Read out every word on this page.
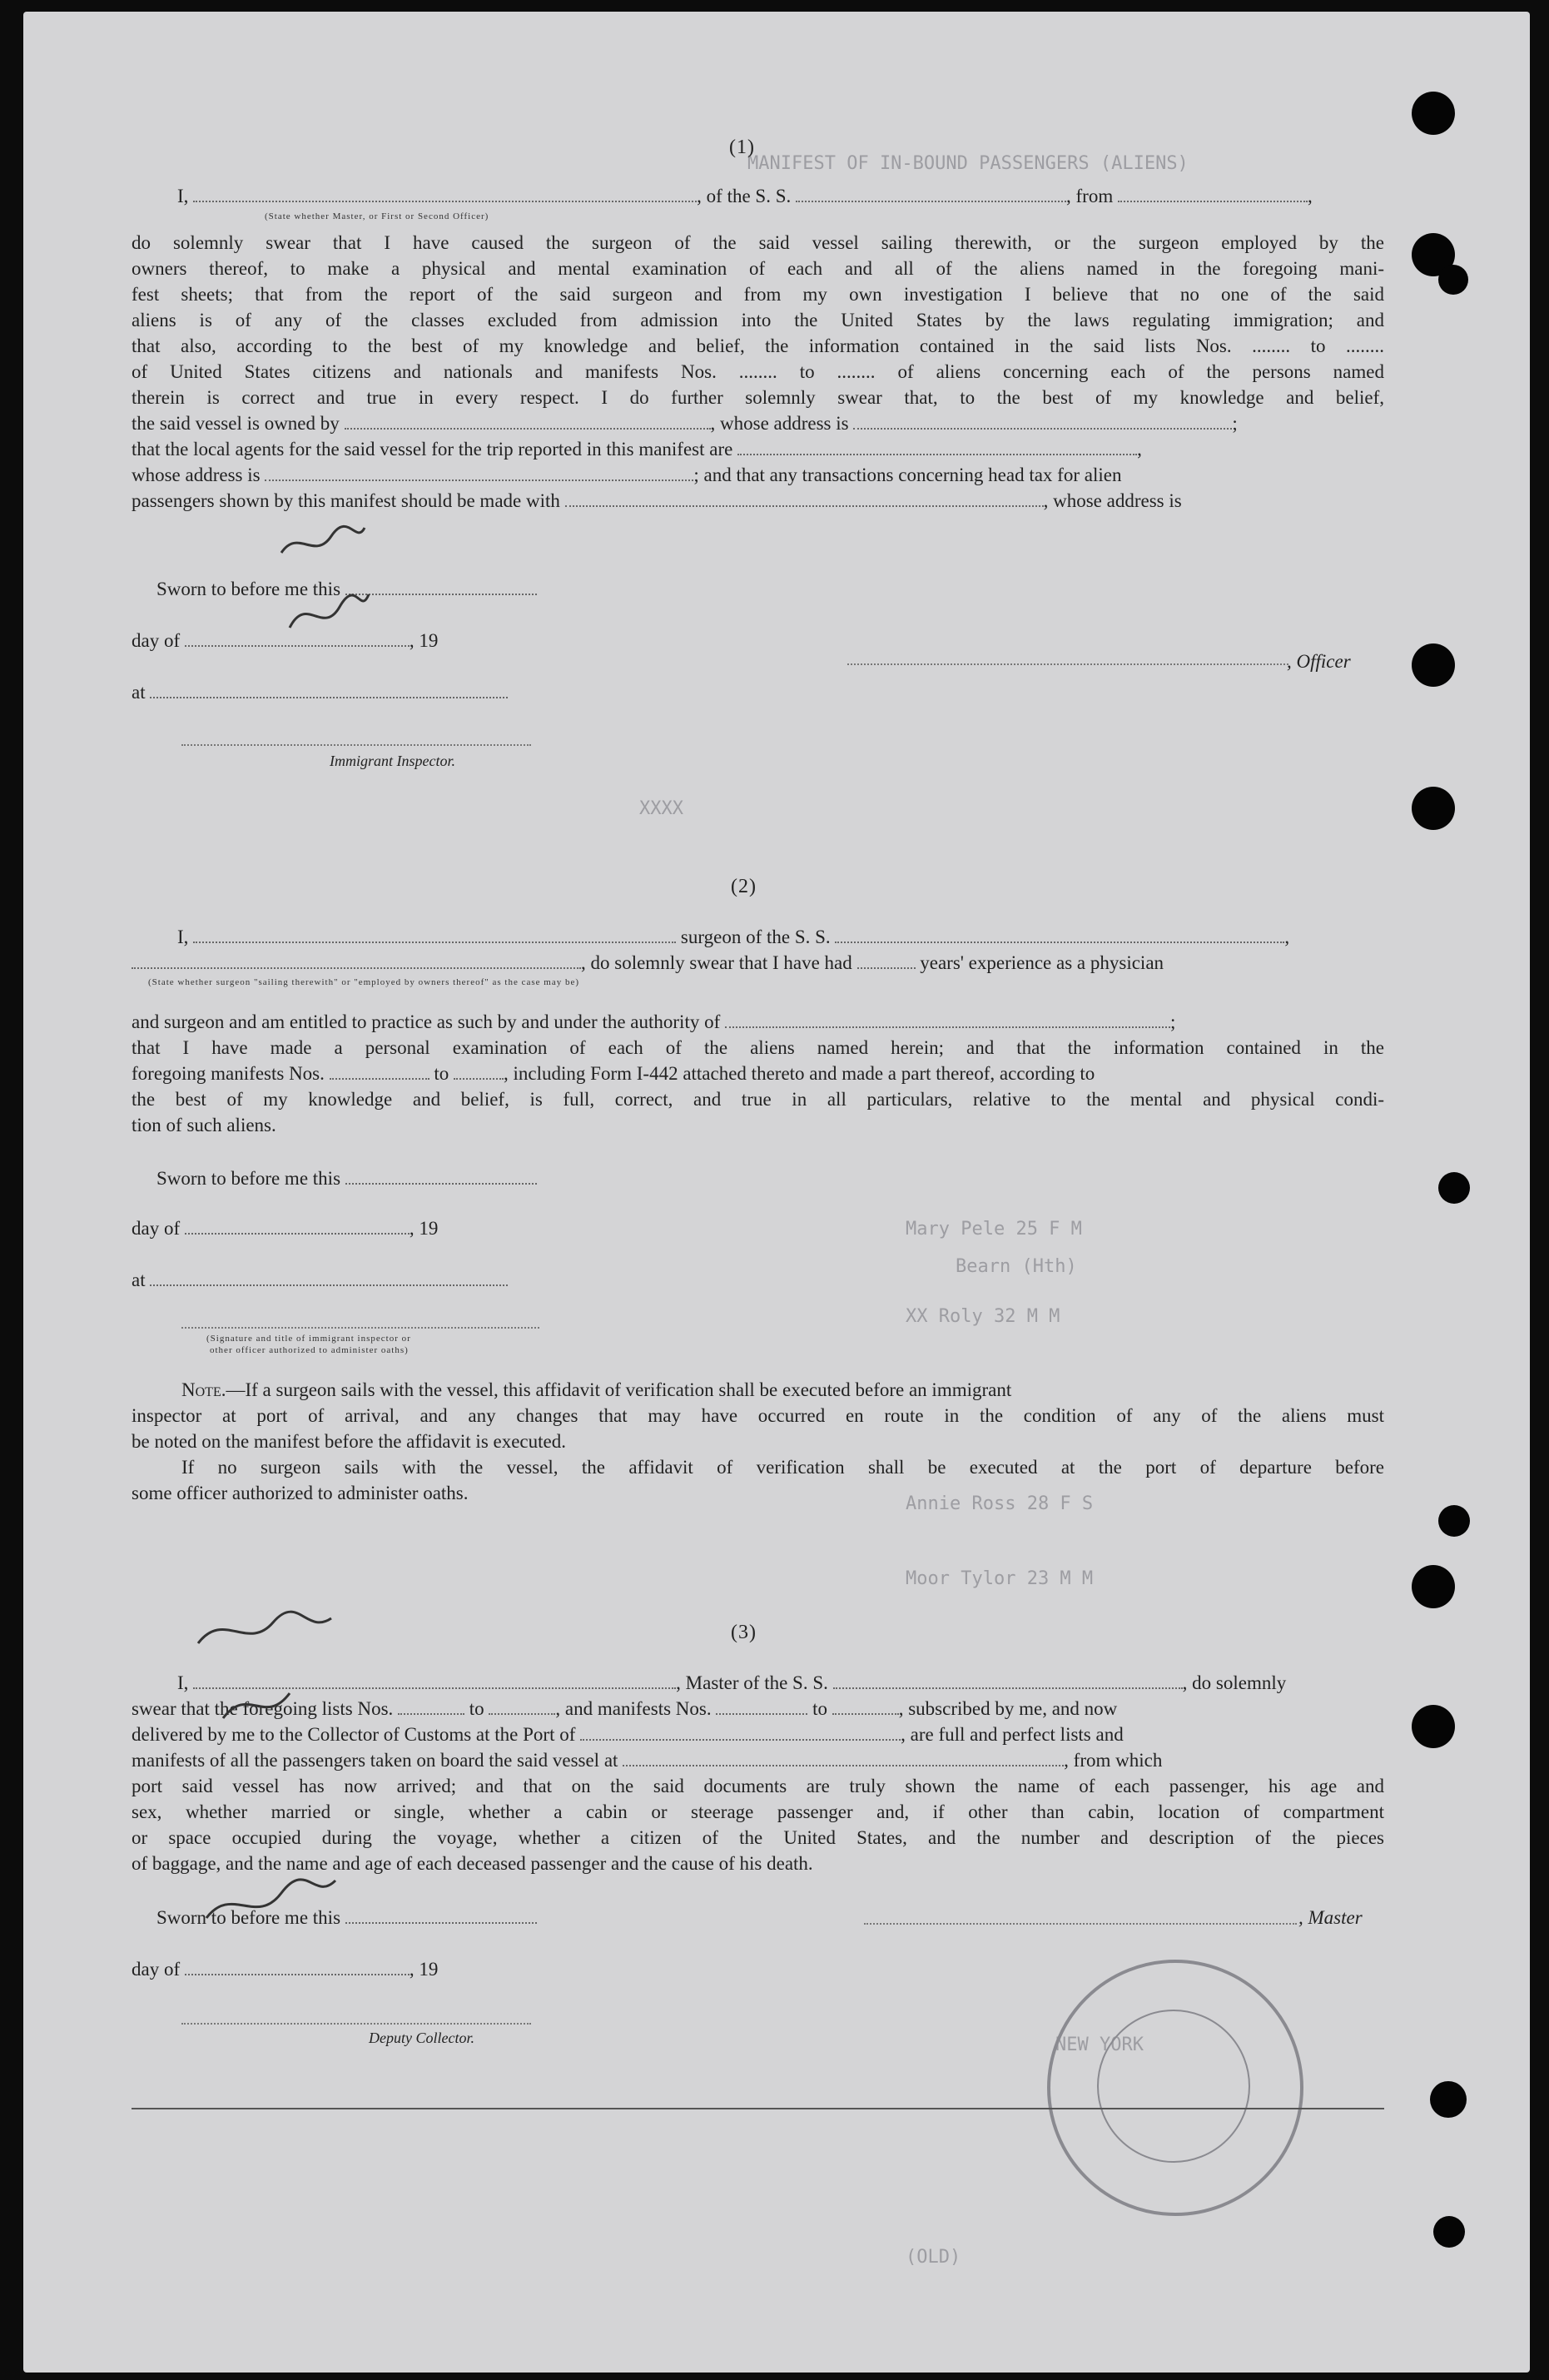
MANIFEST OF IN-BOUND PASSENGERS (ALIENS)
XXXX
Mary Pele 25 F M
Bearn (Hth)
XX Roly 32 M M
NEW YORK
Annie Ross 28 F S
Moor Tylor 23 M M
(OLD)
(1)
I,	, of the S. S.	, from	,
(State whether Master, or First or Second Officer)
do solemnly swear that I have caused the surgeon of the said vessel sailing therewith, or the surgeon employed by the
owners thereof, to make a physical and mental examination of each and all of the aliens named in the foregoing mani-
fest sheets; that from the report of the said surgeon and from my own investigation I believe that no one of the said
aliens is of any of the classes excluded from admission into the United States by the laws regulating immigration; and
that also, according to the best of my knowledge and belief, the information contained in the said lists Nos. ........ to ........
of United States citizens and nationals and manifests Nos. ........ to ........ of aliens concerning each of the persons named
therein is correct and true in every respect. I do further solemnly swear that, to the best of my knowledge and belief,
the said vessel is owned by	, whose address is	;
that the local agents for the said vessel for the trip reported in this manifest are	,
whose address is	; and that any transactions concerning head tax for alien
passengers shown by this manifest should be made with	, whose address is
Sworn to before me this
day of	, 19
at
Immigrant Inspector.
, Officer
(2)
I,	surgeon of the S. S.	,
, do solemnly swear that I have had	years' experience as a physician
(State whether surgeon "sailing therewith" or "employed by owners thereof" as the case may be)
and surgeon and am entitled to practice as such by and under the authority of	;
that I have made a personal examination of each of the aliens named herein; and that the information contained in the
foregoing manifests Nos.	to	, including Form I-442 attached thereto and made a part thereof, according to
the best of my knowledge and belief, is full, correct, and true in all particulars, relative to the mental and physical condi-
tion of such aliens.
Sworn to before me this
day of	, 19
at
(Signature and title of immigrant inspector or
other officer authorized to administer oaths)
Note.—If a surgeon sails with the vessel, this affidavit of verification shall be executed before an immigrant
inspector at port of arrival, and any changes that may have occurred en route in the condition of any of the aliens must
be noted on the manifest before the affidavit is executed.
If no surgeon sails with the vessel, the affidavit of verification shall be executed at the port of departure before
some officer authorized to administer oaths.
(3)
I,	, Master of the S. S.	, do solemnly
swear that the foregoing lists Nos.	to	, and manifests Nos.	to	, subscribed by me, and now
delivered by me to the Collector of Customs at the Port of	, are full and perfect lists and
manifests of all the passengers taken on board the said vessel at	, from which
port said vessel has now arrived; and that on the said documents are truly shown the name of each passenger, his age and
sex, whether married or single, whether a cabin or steerage passenger and, if other than cabin, location of compartment
or space occupied during the voyage, whether a citizen of the United States, and the number and description of the pieces
of baggage, and the name and age of each deceased passenger and the cause of his death.
Sworn to before me this	, Master
day of	, 19
Deputy Collector.
